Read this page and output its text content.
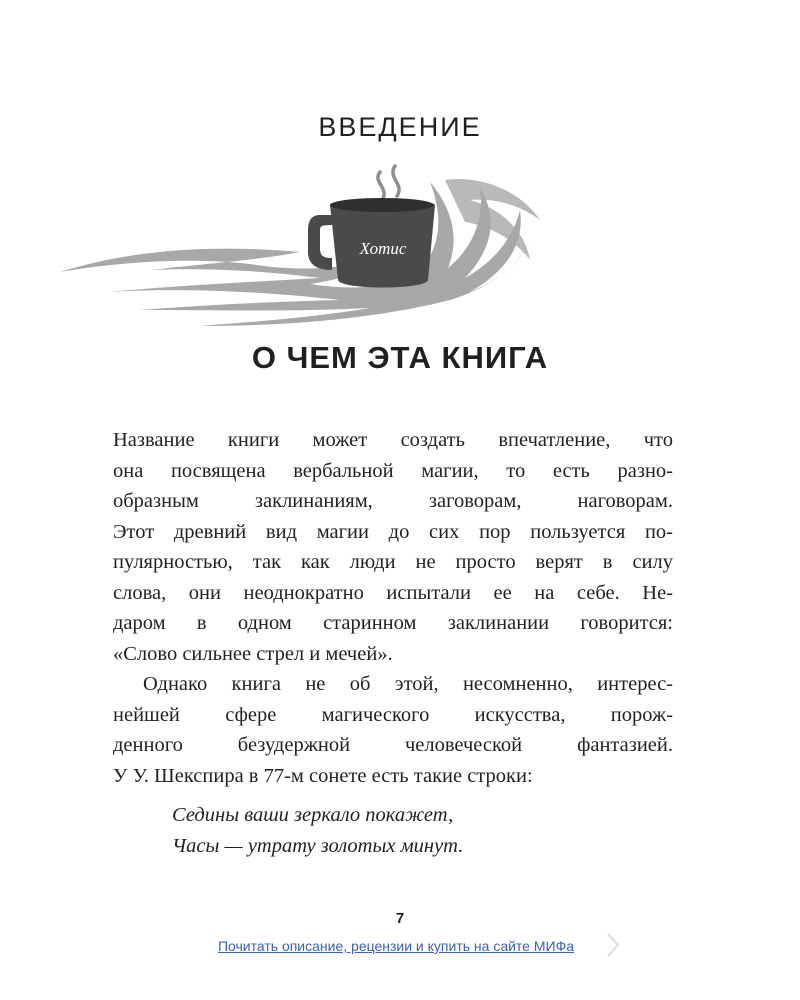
ВВЕДЕНИЕ
Хотис
О ЧЕМ ЭТА КНИГА
Название книги может создать впечатление, что
она посвящена вербальной магии, то есть разно-
образным заклинаниям, заговорам, наговорам.
Этот древний вид магии до сих пор пользуется по-
пулярностью, так как люди не просто верят в силу
слова, они неоднократно испытали ее на себе. Не-
даром в одном старинном заклинании говорится:
«Слово сильнее стрел и мечей».
Однако книга не об этой, несомненно, интерес-
нейшей сфере магического искусства, порож-
денного безудержной человеческой фантазией.
У У. Шекспира в 77-м сонете есть такие строки:
Седины ваши зеркало покажет,
Часы — утрату золотых минут.
7
Почитать описание, рецензии и купить на сайте МИФа
